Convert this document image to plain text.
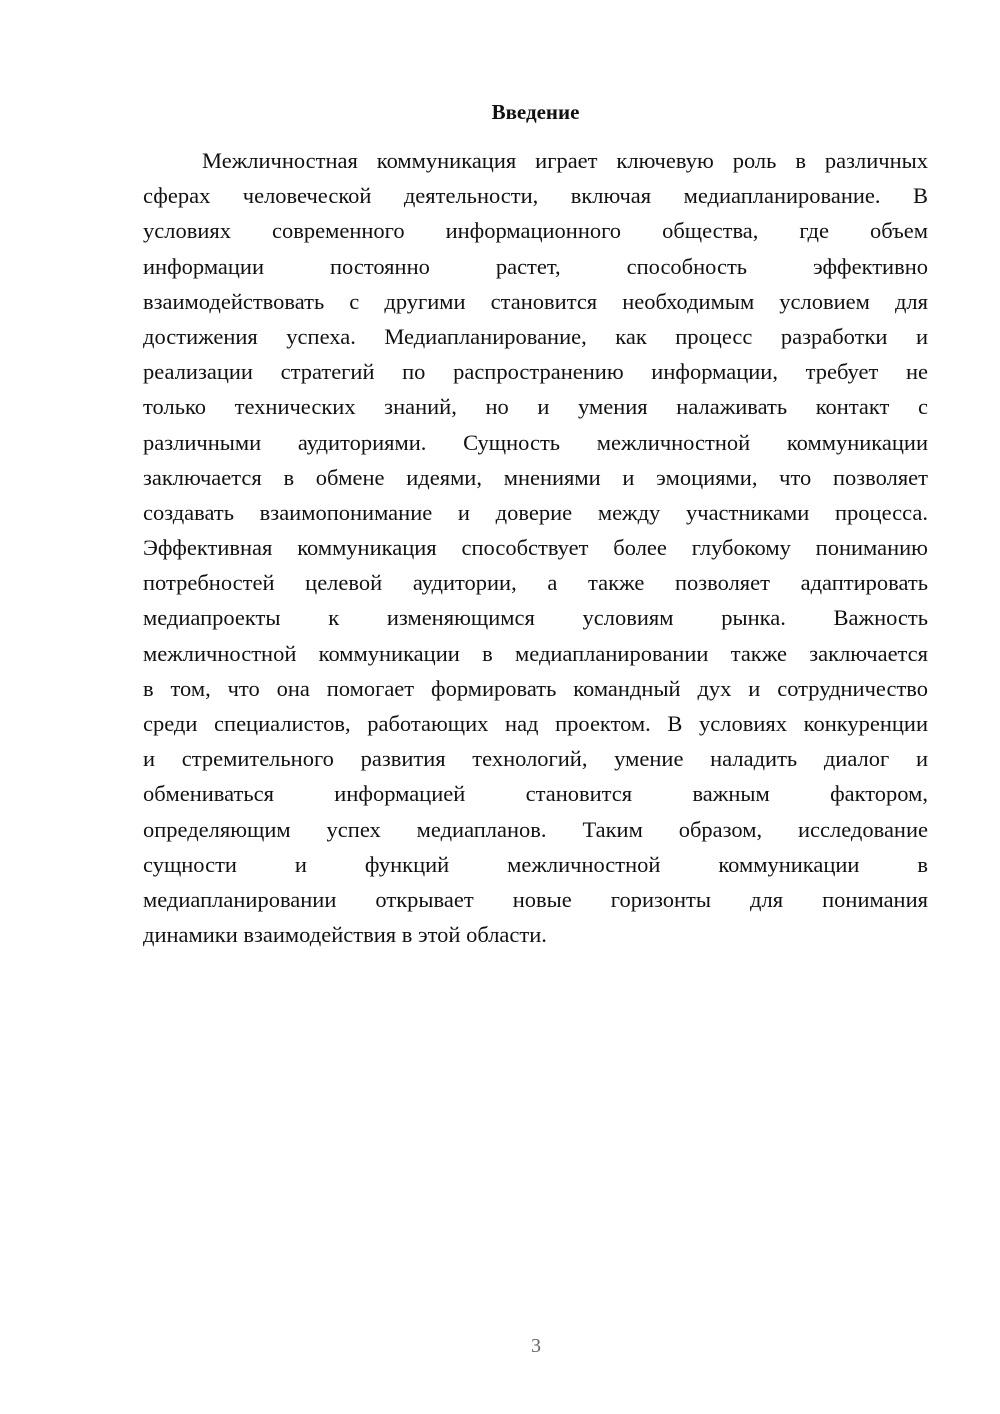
Введение
Межличностная коммуникация играет ключевую роль в различных
сферах человеческой деятельности, включая медиапланирование. В
условиях современного информационного общества, где объем
информации постоянно растет, способность эффективно
взаимодействовать с другими становится необходимым условием для
достижения успеха. Медиапланирование, как процесс разработки и
реализации стратегий по распространению информации, требует не
только технических знаний, но и умения налаживать контакт с
различными аудиториями. Сущность межличностной коммуникации
заключается в обмене идеями, мнениями и эмоциями, что позволяет
создавать взаимопонимание и доверие между участниками процесса.
Эффективная коммуникация способствует более глубокому пониманию
потребностей целевой аудитории, а также позволяет адаптировать
медиапроекты к изменяющимся условиям рынка. Важность
межличностной коммуникации в медиапланировании также заключается
в том, что она помогает формировать командный дух и сотрудничество
среди специалистов, работающих над проектом. В условиях конкуренции
и стремительного развития технологий, умение наладить диалог и
обмениваться информацией становится важным фактором,
определяющим успех медиапланов. Таким образом, исследование
сущности и функций межличностной коммуникации в
медиапланировании открывает новые горизонты для понимания
динамики взаимодействия в этой области.
3
